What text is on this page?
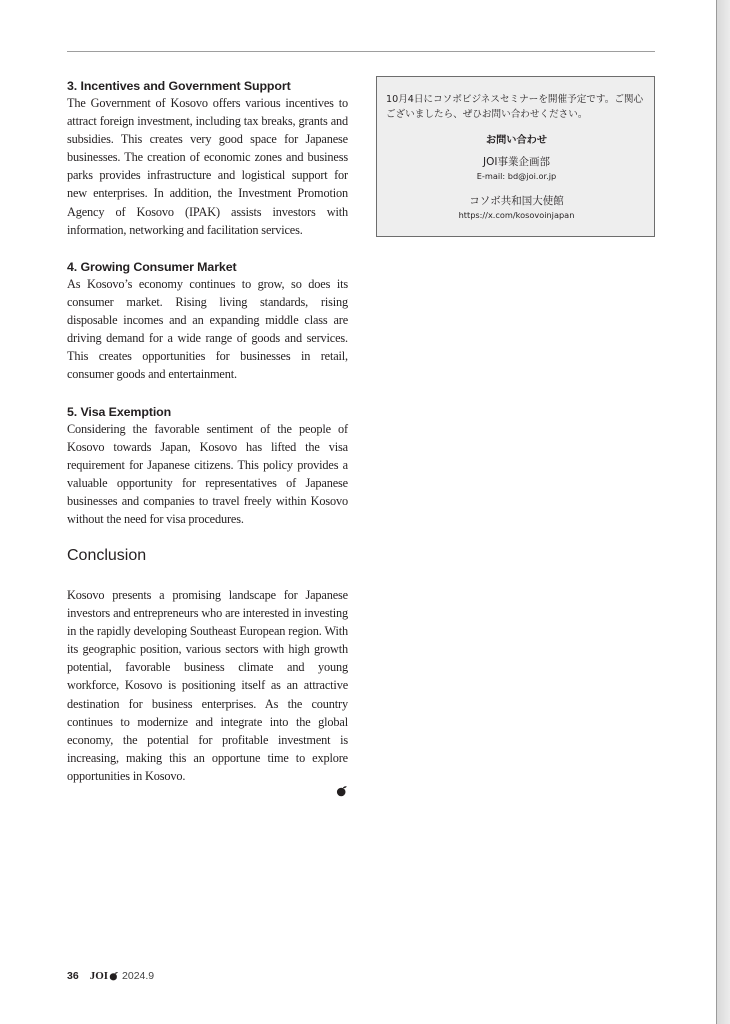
3. Incentives and Government Support

The Government of Kosovo offers various incentives to attract foreign investment, including tax breaks, grants and subsidies. This creates very good space for Japanese businesses. The creation of economic zones and business parks provides infrastructure and logistical support for new enterprises. In addition, the Investment Promotion Agency of Kosovo (IPAK) assists investors with information, networking and facilitation services.

4. Growing Consumer Market

As Kosovo’s economy continues to grow, so does its consumer market. Rising living standards, rising disposable incomes and an expanding middle class are driving demand for a wide range of goods and services. This creates opportunities for businesses in retail, consumer goods and entertainment.

5. Visa Exemption

Considering the favorable sentiment of the people of Kosovo towards Japan, Kosovo has lifted the visa requirement for Japanese citizens. This policy provides a valuable opportunity for representatives of Japanese businesses and companies to travel freely within Kosovo without the need for visa procedures.

Conclusion

Kosovo presents a promising landscape for Japanese investors and entrepreneurs who are interested in investing in the rapidly developing Southeast European region. With its geographic position, various sectors with high growth potential, favorable business climate and young workforce, Kosovo is positioning itself as an attractive destination for business enterprises. As the country continues to modernize and integrate into the global economy, the potential for profitable investment is increasing, making this an opportune time to explore opportunities in Kosovo.

10月4日にコソボビジネスセミナーを開催予定です。ご関心ございましたら、ぜひお問い合わせください。

お問い合わせ

JOI事業企画部

E-mail: bd@joi.or.jp

コソボ共和国大使館

https://x.com/kosovoinjapan

36 JOI 2024.9
